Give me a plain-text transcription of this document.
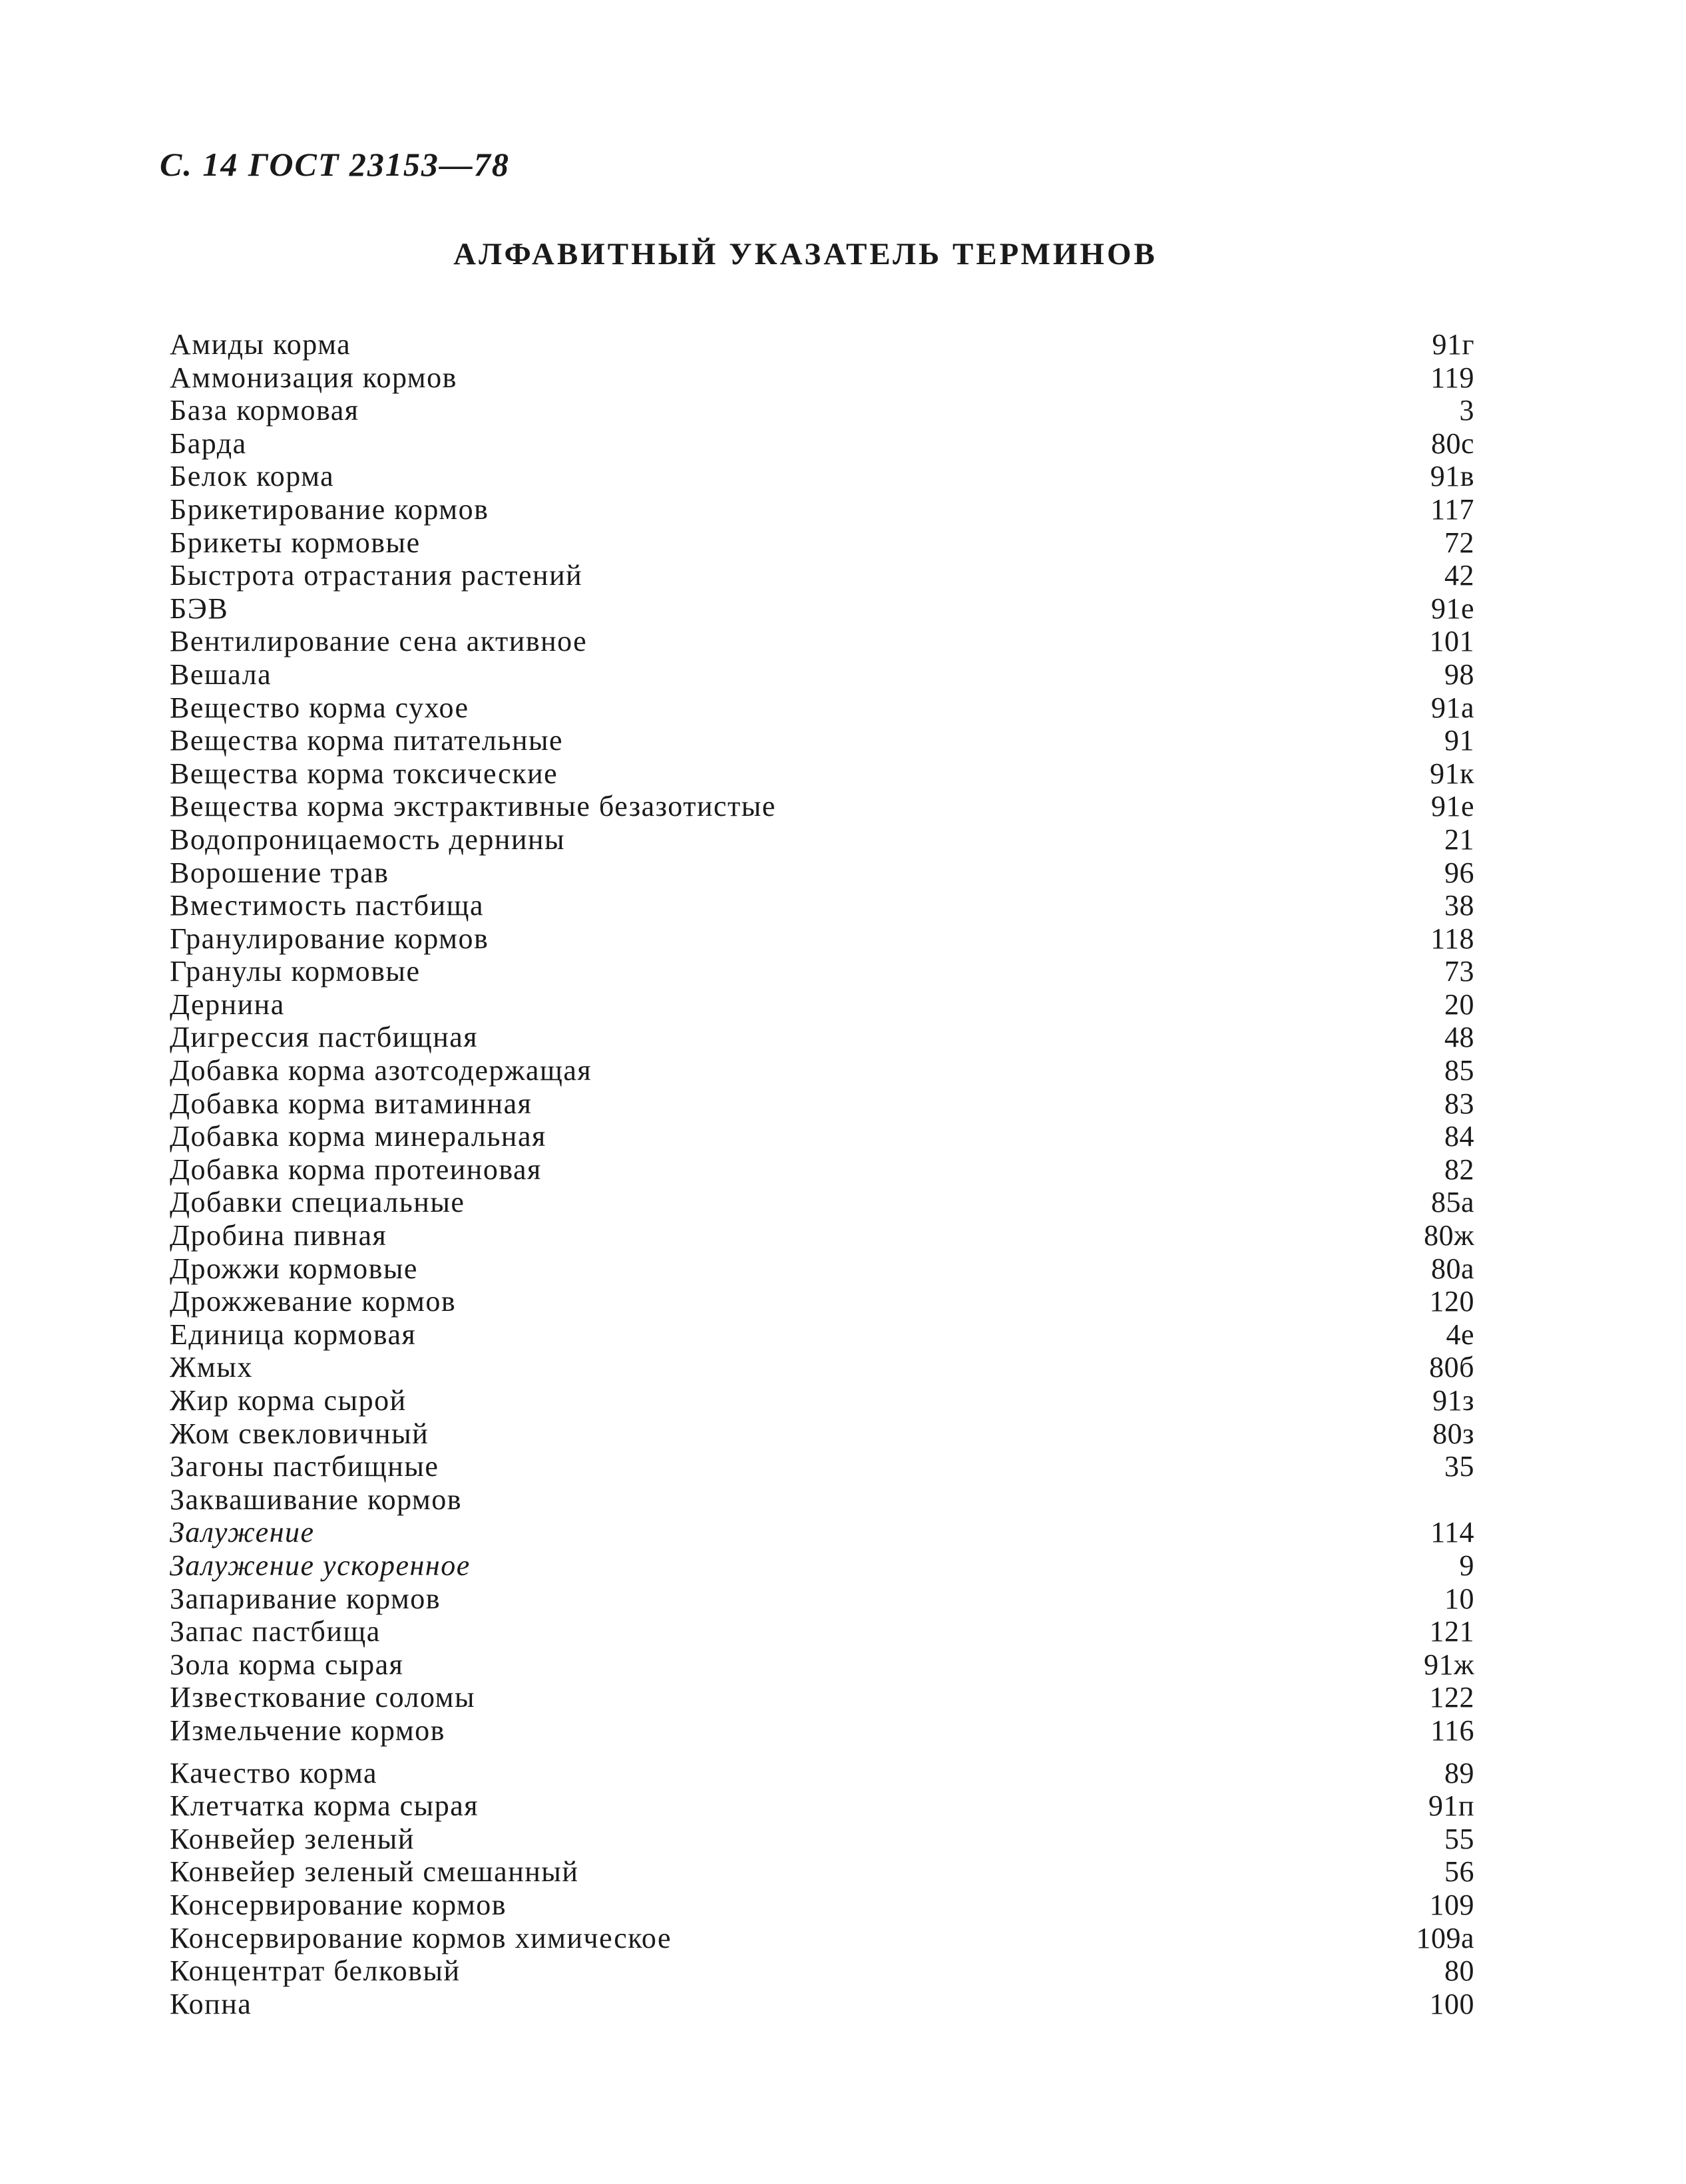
С. 14 ГОСТ 23153—78
АЛФАВИТНЫЙ УКАЗАТЕЛЬ ТЕРМИНОВ
Амиды корма	91г
Аммонизация кормов	119
База кормовая	3
Барда	80с
Белок корма	91в
Брикетирование кормов	117
Брикеты кормовые	72
Быстрота отрастания растений	42
БЭВ	91е
Вентилирование сена активное	101
Вешала	98
Вещество корма сухое	91а
Вещества корма питательные	91
Вещества корма токсические	91к
Вещества корма экстрактивные безазотистые	91е
Водопроницаемость дернины	21
Ворошение трав	96
Вместимость пастбища	38
Гранулирование кормов	118
Гранулы кормовые	73
Дернина	20
Дигрессия пастбищная	48
Добавка корма азотсодержащая	85
Добавка корма витаминная	83
Добавка корма минеральная	84
Добавка корма протеиновая	82
Добавки специальные	85а
Дробина пивная	80ж
Дрожжи кормовые	80а
Дрожжевание кормов	120
Единица кормовая	4е
Жмых	80б
Жир корма сырой	91з
Жом свекловичный	80з
Загоны пастбищные	35
Заквашивание кормов
Залужение	114
Залужение ускоренное	9
Запаривание кормов	10
Запас пастбища	121
Зола корма сырая	91ж
Известкование соломы	122
Измельчение кормов	116
Качество корма	89
Клетчатка корма сырая	91п
Конвейер зеленый	55
Конвейер зеленый смешанный	56
Консервирование кормов	109
Консервирование кормов химическое	109а
Концентрат белковый	80
Копна	100
